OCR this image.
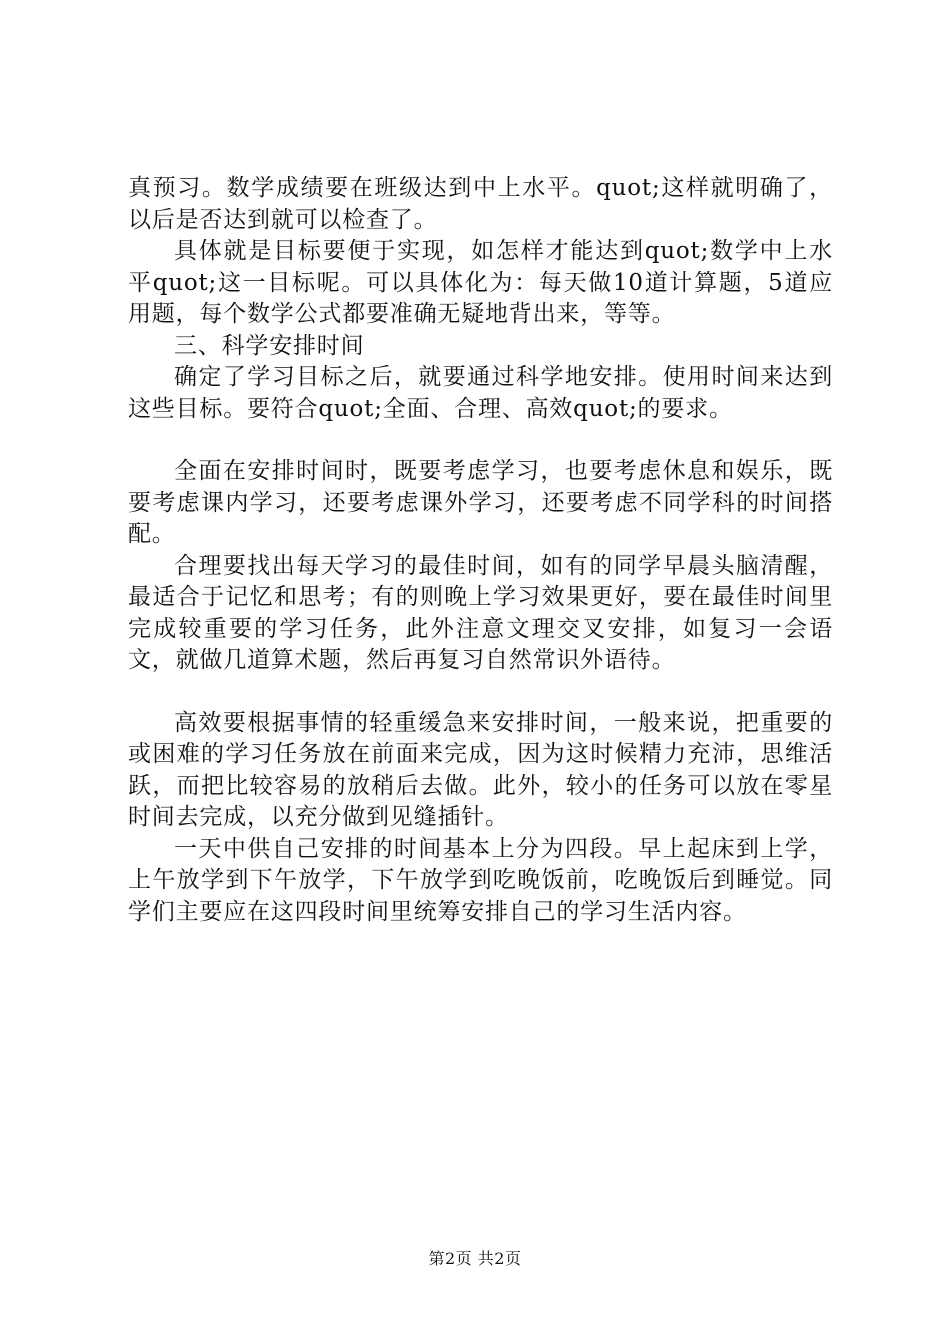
真预习。数学成绩要在班级达到中上水平。quot;这样就明确了，以后是否达到就可以检查了。

具体就是目标要便于实现，如怎样才能达到quot;数学中上水平quot;这一目标呢。可以具体化为：每天做10道计算题，5道应用题，每个数学公式都要准确无疑地背出来，等等。

三、科学安排时间

确定了学习目标之后，就要通过科学地安排。使用时间来达到这些目标。要符合quot;全面、合理、高效quot;的要求。

全面在安排时间时，既要考虑学习，也要考虑休息和娱乐，既要考虑课内学习，还要考虑课外学习，还要考虑不同学科的时间搭配。

合理要找出每天学习的最佳时间，如有的同学早晨头脑清醒，最适合于记忆和思考；有的则晚上学习效果更好，要在最佳时间里完成较重要的学习任务，此外注意文理交叉安排，如复习一会语文，就做几道算术题，然后再复习自然常识外语待。

高效要根据事情的轻重缓急来安排时间，一般来说，把重要的或困难的学习任务放在前面来完成，因为这时候精力充沛，思维活跃，而把比较容易的放稍后去做。此外，较小的任务可以放在零星时间去完成，以充分做到见缝插针。

一天中供自己安排的时间基本上分为四段。早上起床到上学，上午放学到下午放学，下午放学到吃晚饭前，吃晚饭后到睡觉。同学们主要应在这四段时间里统筹安排自己的学习生活内容。

第2页 共2页
